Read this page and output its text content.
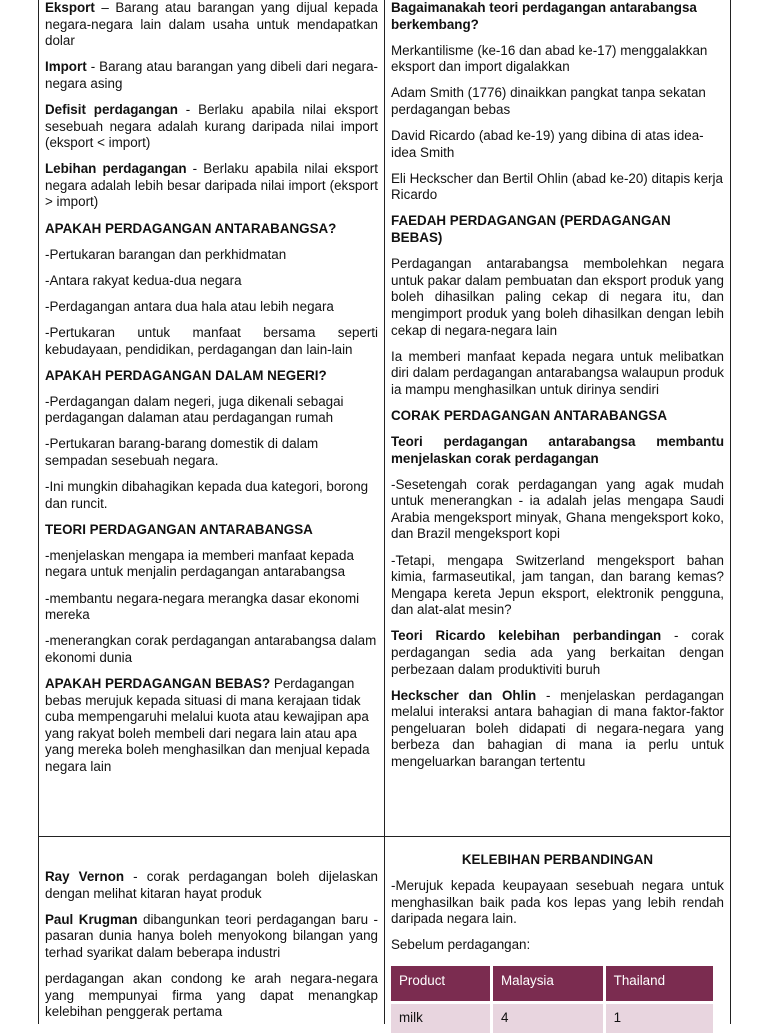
Eksport – Barang atau barangan yang dijual kepada negara-negara lain dalam usaha untuk mendapatkan dolar

Import - Barang atau barangan yang dibeli dari negara-negara asing

Defisit perdagangan - Berlaku apabila nilai eksport sesebuah negara adalah kurang daripada nilai import (eksport < import)

Lebihan perdagangan - Berlaku apabila nilai eksport negara adalah lebih besar daripada nilai import (eksport > import)

APAKAH PERDAGANGAN ANTARABANGSA?

-Pertukaran barangan dan perkhidmatan

-Antara rakyat kedua-dua negara

-Perdagangan antara dua hala atau lebih negara

-Pertukaran untuk manfaat bersama seperti kebudayaan, pendidikan, perdagangan dan lain-lain

APAKAH PERDAGANGAN DALAM NEGERI?

-Perdagangan dalam negeri, juga dikenali sebagai perdagangan dalaman atau perdagangan rumah

-Pertukaran barang-barang domestik di dalam sempadan sesebuah negara.

-Ini mungkin dibahagikan kepada dua kategori, borong dan runcit.

TEORI PERDAGANGAN ANTARABANGSA

-menjelaskan mengapa ia memberi manfaat kepada negara untuk menjalin perdagangan antarabangsa

-membantu negara-negara merangka dasar ekonomi mereka

-menerangkan corak perdagangan antarabangsa dalam ekonomi dunia

APAKAH PERDAGANGAN BEBAS? Perdagangan bebas merujuk kepada situasi di mana kerajaan tidak cuba mempengaruhi melalui kuota atau kewajipan apa yang rakyat boleh membeli dari negara lain atau apa yang mereka boleh menghasilkan dan menjual kepada negara lain

Bagaimanakah teori perdagangan antarabangsa berkembang?

Merkantilisme (ke-16 dan abad ke-17) menggalakkan eksport dan import digalakkan

Adam Smith (1776) dinaikkan pangkat tanpa sekatan perdagangan bebas

David Ricardo (abad ke-19) yang dibina di atas idea-idea Smith

Eli Heckscher dan Bertil Ohlin (abad ke-20) ditapis kerja Ricardo

FAEDAH PERDAGANGAN (PERDAGANGAN BEBAS)

Perdagangan antarabangsa membolehkan negara untuk pakar dalam pembuatan dan eksport produk yang boleh dihasilkan paling cekap di negara itu, dan mengimport produk yang boleh dihasilkan dengan lebih cekap di negara-negara lain

Ia memberi manfaat kepada negara untuk melibatkan diri dalam perdagangan antarabangsa walaupun produk ia mampu menghasilkan untuk dirinya sendiri

CORAK PERDAGANGAN ANTARABANGSA

Teori perdagangan antarabangsa membantu menjelaskan corak perdagangan

-Sesetengah corak perdagangan yang agak mudah untuk menerangkan - ia adalah jelas mengapa Saudi Arabia mengeksport minyak, Ghana mengeksport koko, dan Brazil mengeksport kopi

-Tetapi, mengapa Switzerland mengeksport bahan kimia, farmaseutikal, jam tangan, dan barang kemas? Mengapa kereta Jepun eksport, elektronik pengguna, dan alat-alat mesin?

Teori Ricardo kelebihan perbandingan - corak perdagangan sedia ada yang berkaitan dengan perbezaan dalam produktiviti buruh

Heckscher dan Ohlin - menjelaskan perdagangan melalui interaksi antara bahagian di mana faktor-faktor pengeluaran boleh didapati di negara-negara yang berbeza dan bahagian di mana ia perlu untuk mengeluarkan barangan tertentu

Ray Vernon - corak perdagangan boleh dijelaskan dengan melihat kitaran hayat produk

Paul Krugman dibangunkan teori perdagangan baru - pasaran dunia hanya boleh menyokong bilangan yang terhad syarikat dalam beberapa industri

perdagangan akan condong ke arah negara-negara yang mempunyai firma yang dapat menangkap kelebihan penggerak pertama

KELEBIHAN PERBANDINGAN

-Merujuk kepada keupayaan sesebuah negara untuk menghasilkan baik pada kos lepas yang lebih rendah daripada negara lain.

Sebelum perdagangan:

Product	Malaysia	Thailand
milk	4	1
